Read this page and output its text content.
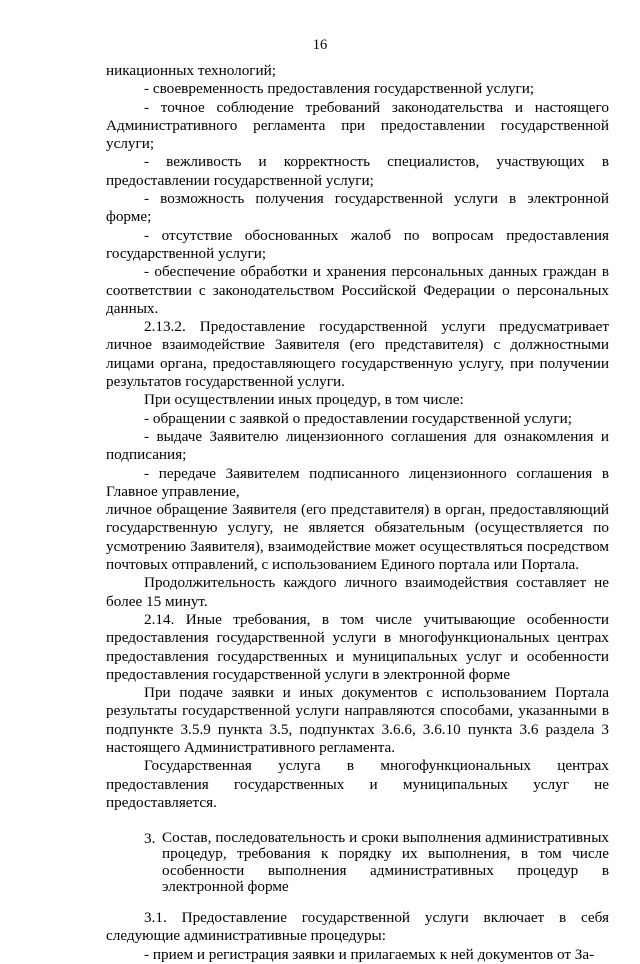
16

никационных технологий;

- своевременность предоставления государственной услуги;

- точное соблюдение требований законодательства и настоящего Административного регламента при предоставлении государственной услуги;

- вежливость и корректность специалистов, участвующих в предоставлении государственной услуги;

- возможность получения государственной услуги в электронной форме;

- отсутствие обоснованных жалоб по вопросам предоставления государственной услуги;

- обеспечение обработки и хранения персональных данных граждан в соответствии с законодательством Российской Федерации о персональных данных.

2.13.2. Предоставление государственной услуги предусматривает личное взаимодействие Заявителя (его представителя) с должностными лицами органа, предоставляющего государственную услугу, при получении результатов государственной услуги.

При осуществлении иных процедур, в том числе:

- обращении с заявкой о предоставлении государственной услуги;

- выдаче Заявителю лицензионного соглашения для ознакомления и подписания;

- передаче Заявителем подписанного лицензионного соглашения в Главное управление,

личное обращение Заявителя (его представителя) в орган, предоставляющий государственную услугу, не является обязательным (осуществляется по усмотрению Заявителя), взаимодействие может осуществляться посредством почтовых отправлений, с использованием Единого портала или Портала.

Продолжительность каждого личного взаимодействия составляет не более 15 минут.

2.14. Иные требования, в том числе учитывающие особенности предоставления государственной услуги в многофункциональных центрах предоставления государственных и муниципальных услуг и особенности предоставления государственной услуги в электронной форме

При подаче заявки и иных документов с использованием Портала результаты государственной услуги направляются способами, указанными в подпункте 3.5.9 пункта 3.5, подпунктах 3.6.6, 3.6.10 пункта 3.6 раздела 3 настоящего Административного регламента.

Государственная услуга в многофункциональных центрах предоставления государственных и муниципальных услуг не предоставляется.

3. Состав, последовательность и сроки выполнения административных процедур, требования к порядку их выполнения, в том числе особенности выполнения административных процедур в электронной форме

3.1. Предоставление государственной услуги включает в себя следующие административные процедуры:

- прием и регистрация заявки и прилагаемых к ней документов от За-
